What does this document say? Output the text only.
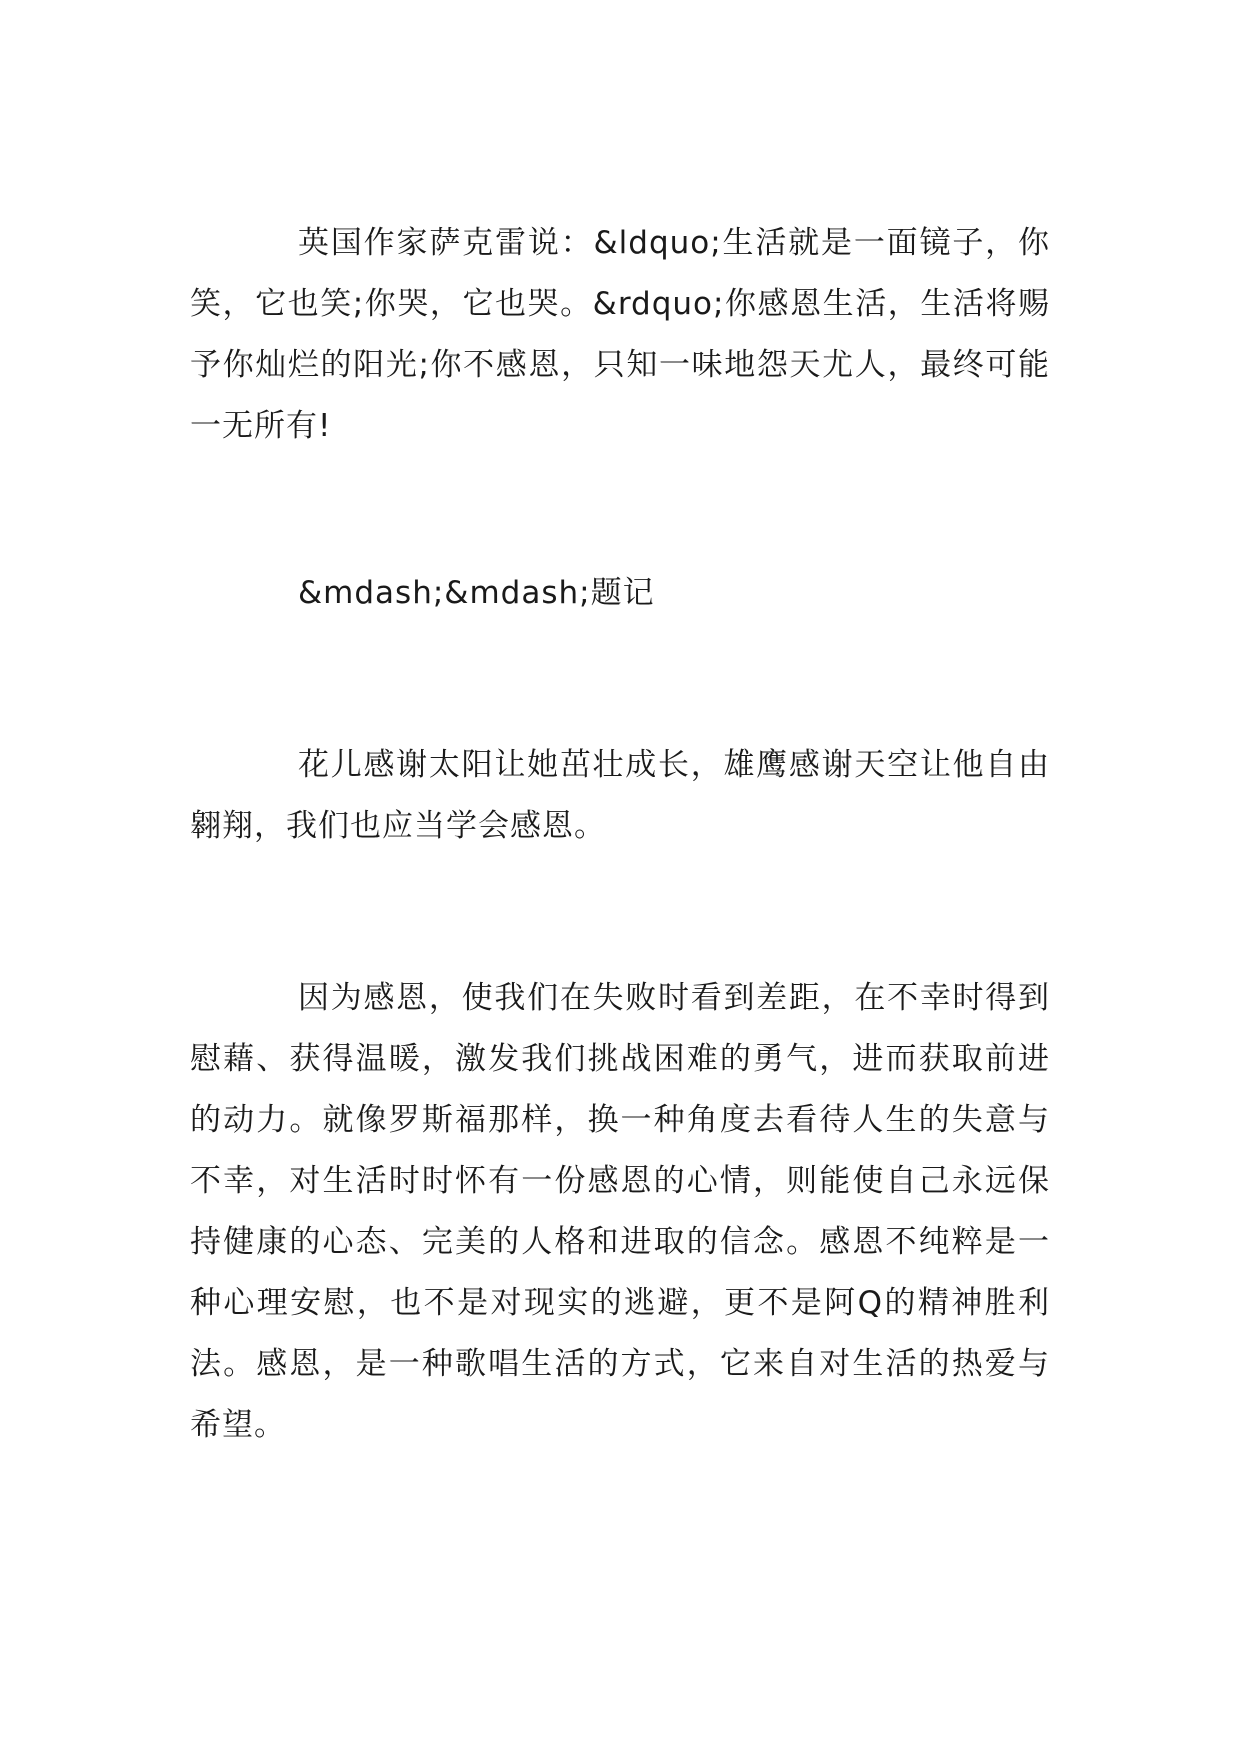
英国作家萨克雷说：&ldquo;生活就是一面镜子，你笑，它也笑;你哭，它也哭。&rdquo;你感恩生活，生活将赐予你灿烂的阳光;你不感恩，只知一味地怨天尤人，最终可能一无所有!

&mdash;&mdash;题记

花儿感谢太阳让她茁壮成长，雄鹰感谢天空让他自由翱翔，我们也应当学会感恩。

因为感恩，使我们在失败时看到差距，在不幸时得到慰藉、获得温暖，激发我们挑战困难的勇气，进而获取前进的动力。就像罗斯福那样，换一种角度去看待人生的失意与不幸，对生活时时怀有一份感恩的心情，则能使自己永远保持健康的心态、完美的人格和进取的信念。感恩不纯粹是一种心理安慰，也不是对现实的逃避，更不是阿Q的精神胜利法。感恩，是一种歌唱生活的方式，它来自对生活的热爱与希望。
